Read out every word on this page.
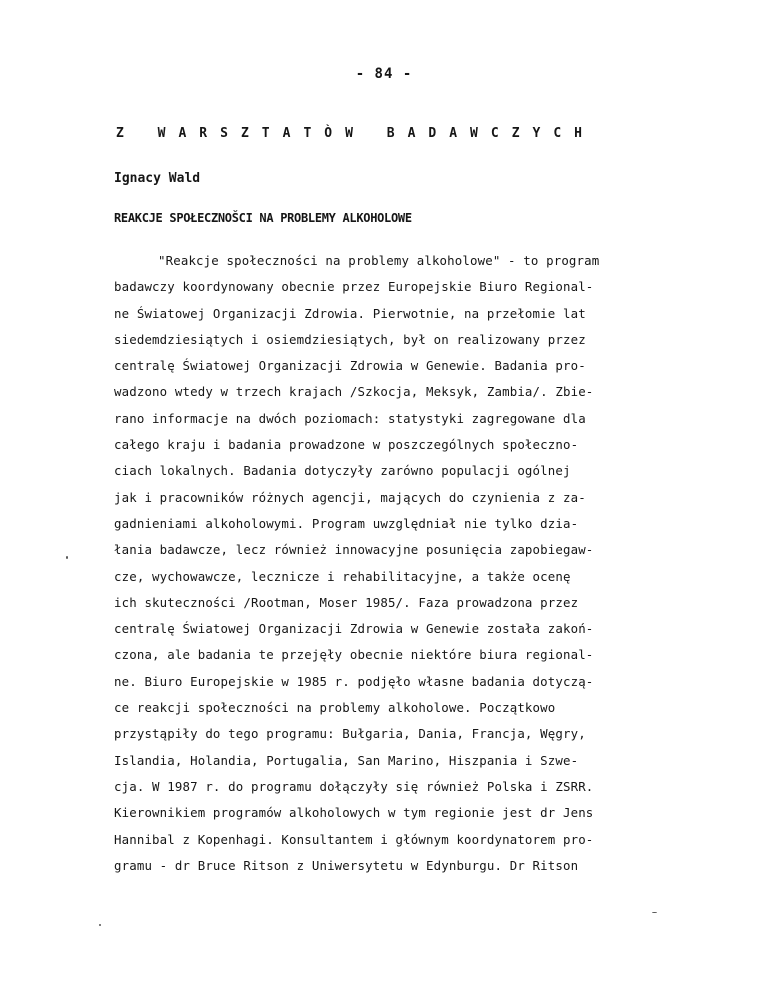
- 84 -
Z WARSZTATÒW BADAWCZYCH
Ignacy Wald
REAKCJE SPOŁECZNOŠCI NA PROBLEMY ALKOHOLOWE
"Reakcje społeczności na problemy alkoholowe" - to program
badawczy koordynowany obecnie przez Europejskie Biuro Regional-
ne Światowej Organizacji Zdrowia. Pierwotnie, na przełomie lat
siedemdziesiątych i osiemdziesiątych, był on realizowany przez
centralę Światowej Organizacji Zdrowia w Genewie. Badania pro-
wadzono wtedy w trzech krajach /Szkocja, Meksyk, Zambia/. Zbie-
rano informacje na dwóch poziomach: statystyki zagregowane dla
całego kraju i badania prowadzone w poszczególnych społeczno-
ciach lokalnych. Badania dotyczyły zarówno populacji ogólnej
jak i pracowników różnych agencji, mających do czynienia z za-
gadnieniami alkoholowymi. Program uwzględniał nie tylko dzia-
łania badawcze, lecz również innowacyjne posunięcia zapobiegaw-
cze, wychowawcze, lecznicze i rehabilitacyjne, a także ocenę
ich skuteczności /Rootman, Moser 1985/. Faza prowadzona przez
centralę Światowej Organizacji Zdrowia w Genewie została zakoń-
czona, ale badania te przejęły obecnie niektóre biura regional-
ne. Biuro Europejskie w 1985 r. podjęło własne badania dotyczą-
ce reakcji społeczności na problemy alkoholowe. Początkowo
przystąpiły do tego programu: Bułgaria, Dania, Francja, Węgry,
Islandia, Holandia, Portugalia, San Marino, Hiszpania i Szwe-
cja. W 1987 r. do programu dołączyły się również Polska i ZSRR.
Kierownikiem programów alkoholowych w tym regionie jest dr Jens
Hannibal z Kopenhagi. Konsultantem i głównym koordynatorem pro-
gramu - dr Bruce Ritson z Uniwersytetu w Edynburgu. Dr Ritson
